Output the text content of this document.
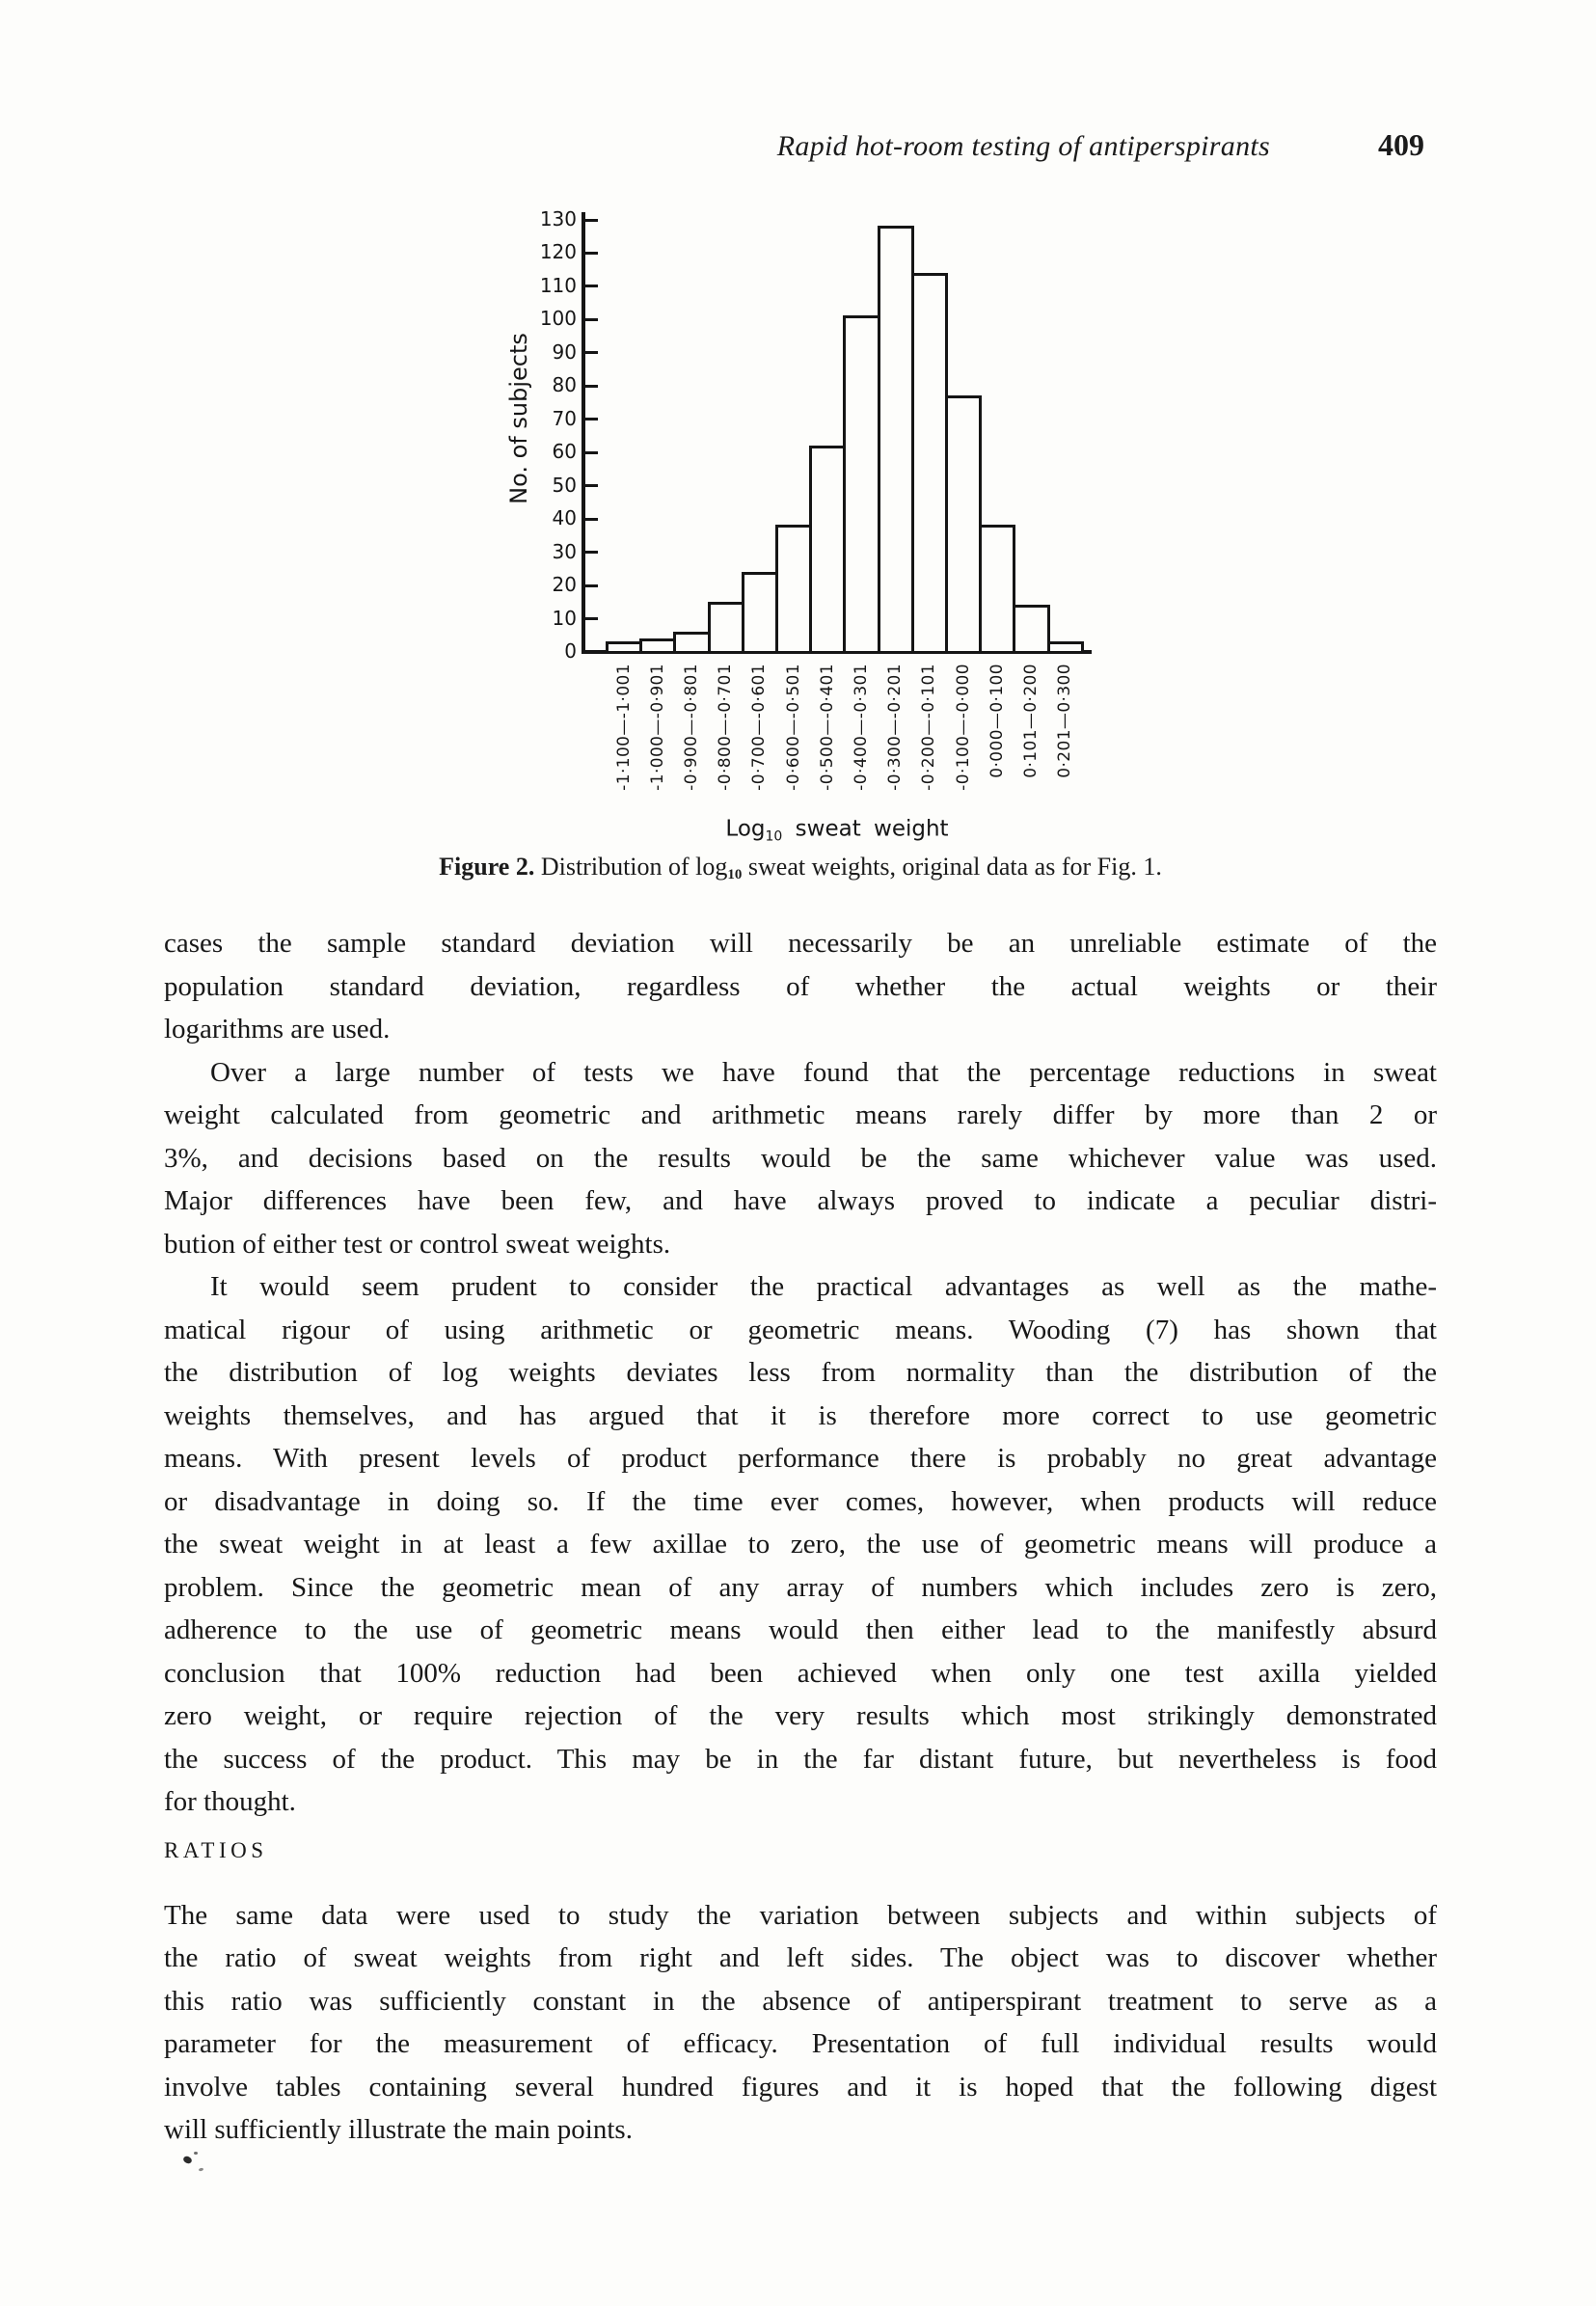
Rapid hot-room testing of antiperspirants	409
No. of subjects
Log$_{10}$ sweat weight
Figure 2. Distribution of $\log_{10}$ sweat weights, original data as for Fig. 1.
0
10
20
30
40
50
60
70
80
90
100
110
120
130
-1·100—-1·001 -1·000—-0·901 -0·900—-0·801 -0·800—-0·701 -0·700—-0·601 -0·600—-0·501 -0·500—-0·401 -0·400—-0·301 -0·300—-0·201 -0·200—-0·101 -0·100—-0·000 0·000—0·100 0·101—0·200 0·201—0·300
cases the sample standard deviation will necessarily be an unreliable estimate of the
population standard deviation, regardless of whether the actual weights or their
logarithms are used.
Over a large number of tests we have found that the percentage reductions in sweat
weight calculated from geometric and arithmetic means rarely differ by more than 2 or
3%, and decisions based on the results would be the same whichever value was used.
Major differences have been few, and have always proved to indicate a peculiar distri-
bution of either test or control sweat weights.
It would seem prudent to consider the practical advantages as well as the mathe-
matical rigour of using arithmetic or geometric means. Wooding (7) has shown that
the distribution of log weights deviates less from normality than the distribution of the
weights themselves, and has argued that it is therefore more correct to use geometric
means. With present levels of product performance there is probably no great advantage
or disadvantage in doing so. If the time ever comes, however, when products will reduce
the sweat weight in at least a few axillae to zero, the use of geometric means will produce a
problem. Since the geometric mean of any array of numbers which includes zero is zero,
adherence to the use of geometric means would then either lead to the manifestly absurd
conclusion that 100% reduction had been achieved when only one test axilla yielded
zero weight, or require rejection of the very results which most strikingly demonstrated
the success of the product. This may be in the far distant future, but nevertheless is food
for thought.
RATIOS
The same data were used to study the variation between subjects and within subjects of
the ratio of sweat weights from right and left sides. The object was to discover whether
this ratio was sufficiently constant in the absence of antiperspirant treatment to serve as a
parameter for the measurement of efficacy. Presentation of full individual results would
involve tables containing several hundred figures and it is hoped that the following digest
will sufficiently illustrate the main points.
